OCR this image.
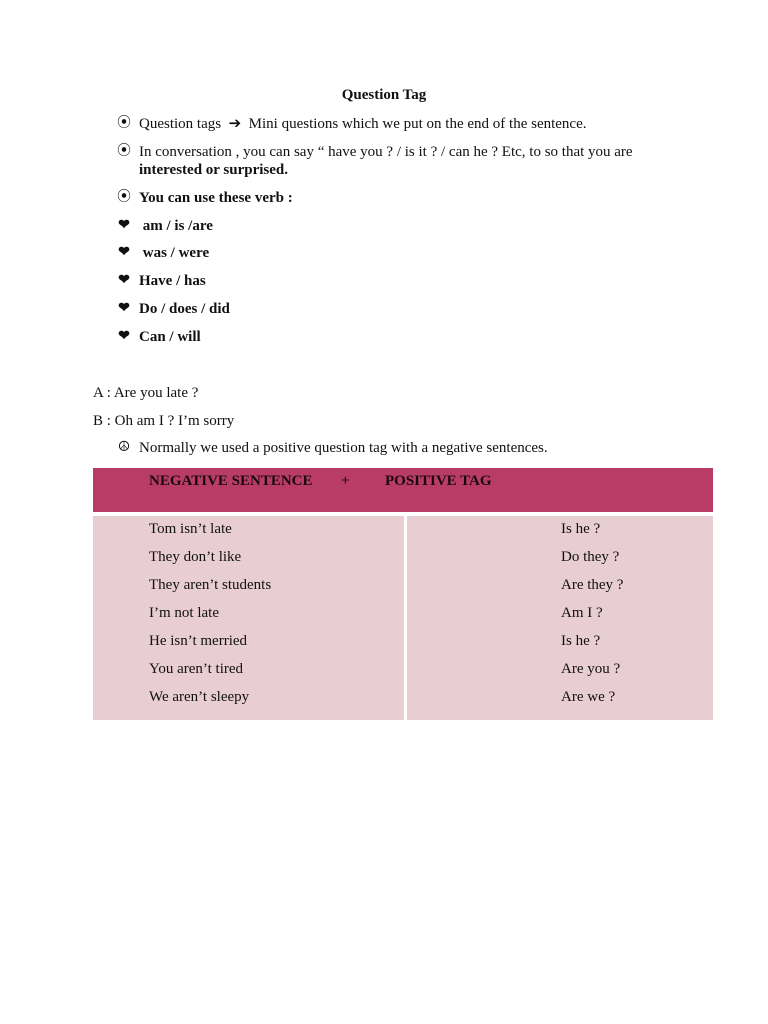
Question Tag
⦿ Question tags ➔ Mini questions which we put on the end of the sentence.
⦿ In conversation , you can say “ have you ? / is it ? / can he ? Etc, to so that you are
interested or surprised.
⦿ You can use these verb :
❤ am / is /are
❤ was / were
❤ Have / has
❤ Do / does / did
❤ Can / will
A : Are you late ?
B : Oh am I ? I’m sorry
☮ Normally we used a positive question tag with a negative sentences.
NEGATIVE SENTENCE + POSITIVE TAG
Tom isn’t late
They don’t like
They aren’t students
I’m not late
He isn’t merried
You aren’t tired
We aren’t sleepy
Is he ?
Do they ?
Are they ?
Am I ?
Is he ?
Are you ?
Are we ?
